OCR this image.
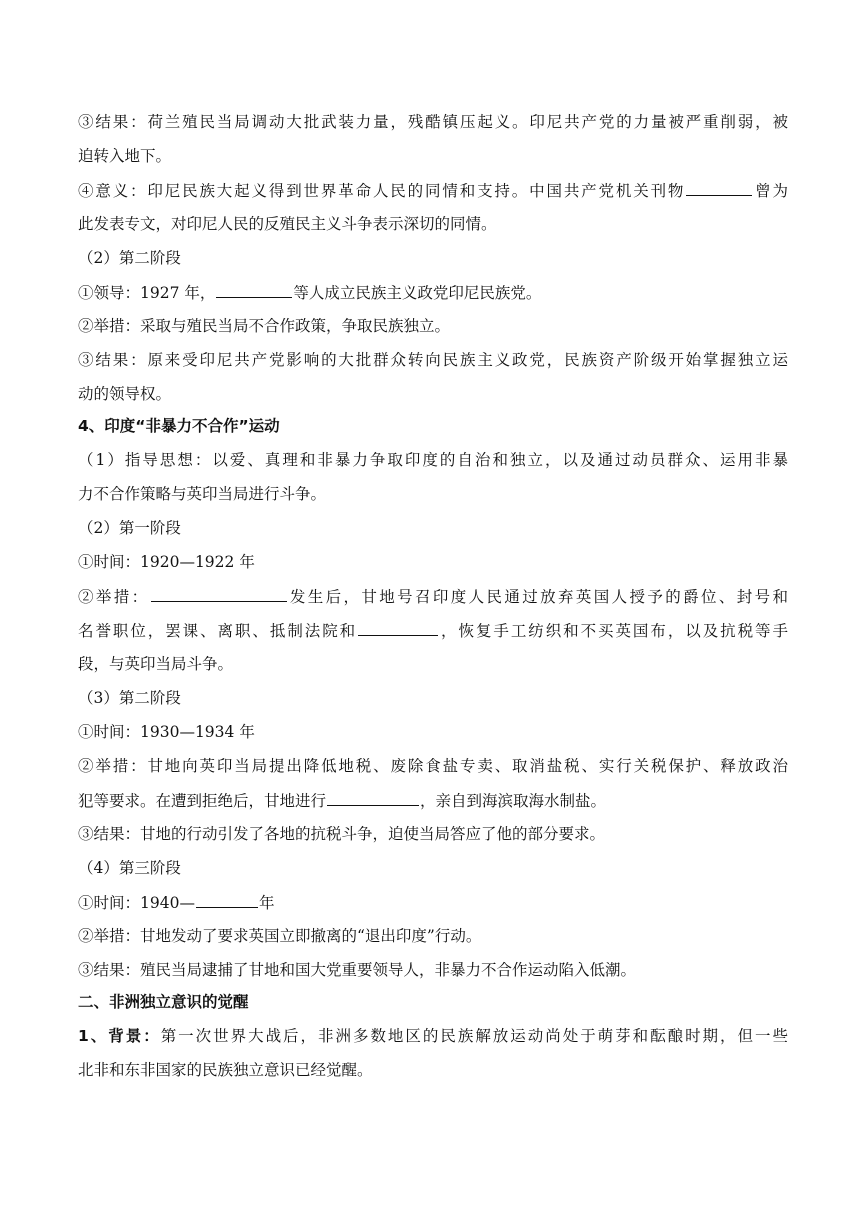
③结果：荷兰殖民当局调动大批武装力量，残酷镇压起义。印尼共产党的力量被严重削弱，被
迫转入地下。
④意义：印尼民族大起义得到世界革命人民的同情和支持。中国共产党机关刊物	曾为
此发表专文，对印尼人民的反殖民主义斗争表示深切的同情。
（2）第二阶段
①领导：1927 年，	等人成立民族主义政党印尼民族党。
②举措：采取与殖民当局不合作政策，争取民族独立。
③结果：原来受印尼共产党影响的大批群众转向民族主义政党，民族资产阶级开始掌握独立运
动的领导权。
4、印度“非暴力不合作”运动
（1）指导思想：以爱、真理和非暴力争取印度的自治和独立，以及通过动员群众、运用非暴
力不合作策略与英印当局进行斗争。
（2）第一阶段
①时间：1920—1922 年
②举措：	发生后，甘地号召印度人民通过放弃英国人授予的爵位、封号和
名誉职位，罢课、离职、抵制法院和	，恢复手工纺织和不买英国布，以及抗税等手
段，与英印当局斗争。
（3）第二阶段
①时间：1930—1934 年
②举措：甘地向英印当局提出降低地税、废除食盐专卖、取消盐税、实行关税保护、释放政治
犯等要求。在遭到拒绝后，甘地进行	，亲自到海滨取海水制盐。
③结果：甘地的行动引发了各地的抗税斗争，迫使当局答应了他的部分要求。
（4）第三阶段
①时间：1940—	年
②举措：甘地发动了要求英国立即撤离的“退出印度”行动。
③结果：殖民当局逮捕了甘地和国大党重要领导人，非暴力不合作运动陷入低潮。
二、非洲独立意识的觉醒
1、背景：第一次世界大战后，非洲多数地区的民族解放运动尚处于萌芽和酝酿时期，但一些
北非和东非国家的民族独立意识已经觉醒。
